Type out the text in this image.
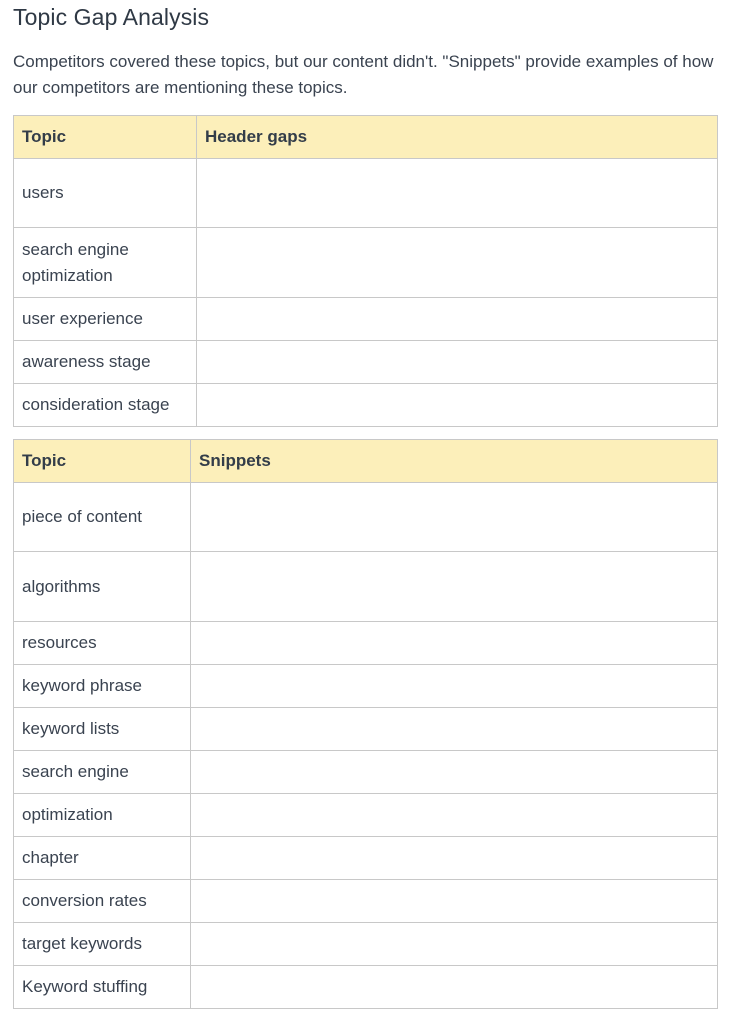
Topic Gap Analysis

Competitors covered these topics, but our content didn't. "Snippets" provide examples of how our competitors are mentioning these topics.

Topic	Header gaps
users	
search engine optimization	
user experience	
awareness stage	
consideration stage	
Topic	Snippets
piece of content	
algorithms	
resources	
keyword phrase	
keyword lists	
search engine	
optimization	
chapter	
conversion rates	
target keywords	
Keyword stuffing	
